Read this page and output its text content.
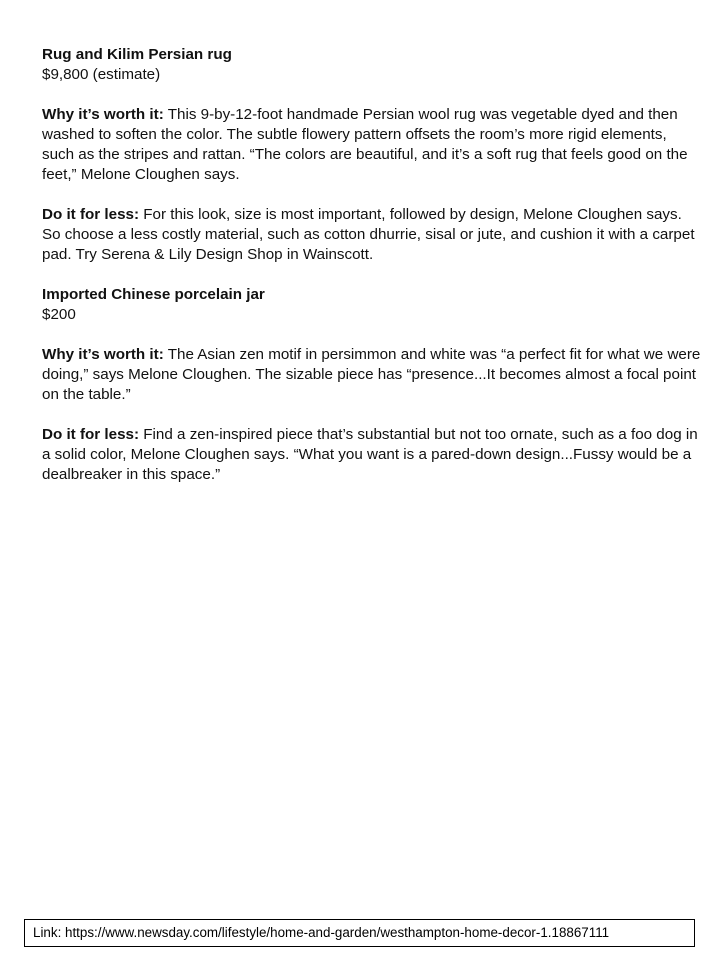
Rug and Kilim Persian rug

$9,800 (estimate)

Why it’s worth it: This 9-by-12-foot handmade Persian wool rug was vegetable dyed and then washed to soften the color. The subtle flowery pattern offsets the room’s more rigid elements, such as the stripes and rattan. “The colors are beautiful, and it’s a soft rug that feels good on the feet,” Melone Cloughen says.

Do it for less: For this look, size is most important, followed by design, Melone Cloughen says. So choose a less costly material, such as cotton dhurrie, sisal or jute, and cushion it with a carpet pad. Try Serena & Lily Design Shop in Wainscott.

Imported Chinese porcelain jar

$200

Why it’s worth it: The Asian zen motif in persimmon and white was “a perfect fit for what we were doing,” says Melone Cloughen. The sizable piece has “presence...It becomes almost a focal point on the table.”

Do it for less: Find a zen-inspired piece that’s substantial but not too ornate, such as a foo dog in a solid color, Melone Cloughen says. “What you want is a pared-down design...Fussy would be a dealbreaker in this space.”

Link: https://www.newsday.com/lifestyle/home-and-garden/westhampton-home-decor-1.18867111
